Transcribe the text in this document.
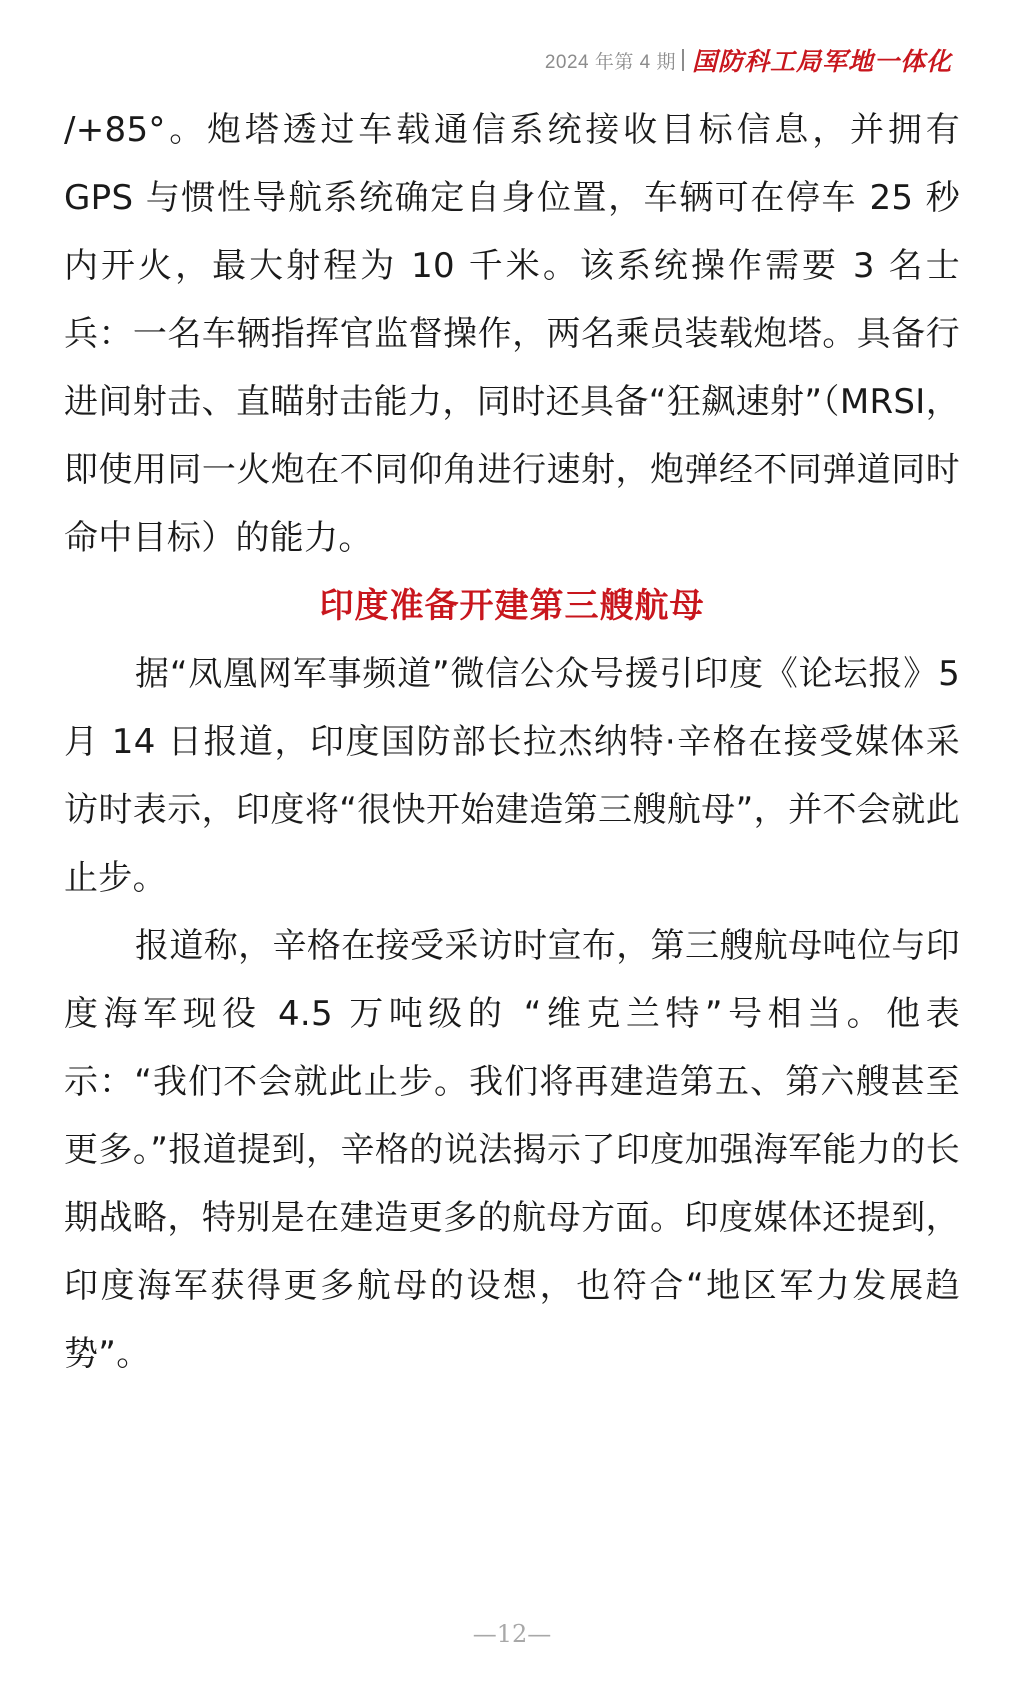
2024 年第 4 期 国防科工局军地一体化

/+85°。炮塔透过车载通信系统接收目标信息，并拥有 GPS 与惯性导航系统确定自身位置，车辆可在停车 25 秒内开火，最大射程为 10 千米。该系统操作需要 3 名士兵：一名车辆指挥官监督操作，两名乘员装载炮塔。具备行进间射击、直瞄射击能力，同时还具备“狂飙速射”（MRSI，即使用同一火炮在不同仰角进行速射，炮弹经不同弹道同时命中目标）的能力。

印度准备开建第三艘航母

据“凤凰网军事频道”微信公众号援引印度《论坛报》5 月 14 日报道，印度国防部长拉杰纳特·辛格在接受媒体采访时表示，印度将“很快开始建造第三艘航母”，并不会就此止步。

报道称，辛格在接受采访时宣布，第三艘航母吨位与印度海军现役 4.5 万吨级的 “维克兰特”号相当。他表示：“我们不会就此止步。我们将再建造第五、第六艘甚至更多。”报道提到，辛格的说法揭示了印度加强海军能力的长期战略，特别是在建造更多的航母方面。印度媒体还提到，印度海军获得更多航母的设想，也符合“地区军力发展趋势”。

—12—
